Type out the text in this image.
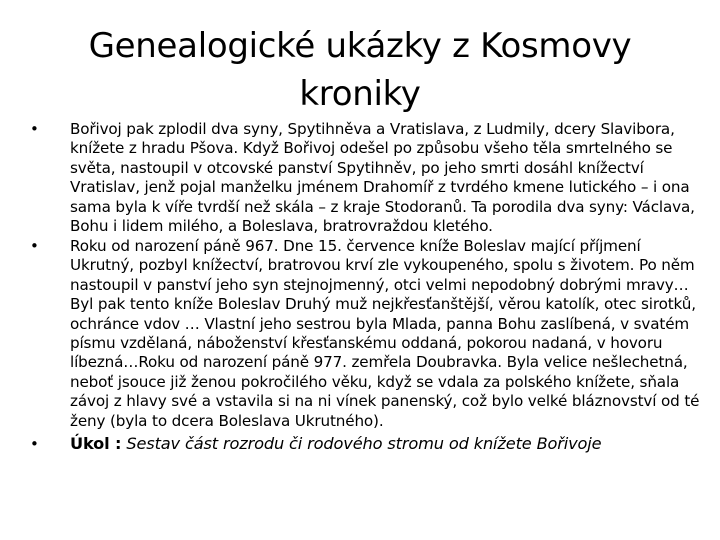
Genealogické ukázky z Kosmovy kroniky
• Bořivoj pak zplodil dva syny, Spytihněva a Vratislava, z Ludmily, dcery Slavibora, knížete z hradu Pšova. Když Bořivoj odešel po způsobu všeho těla smrtelného se světa, nastoupil v otcovské panství Spytihněv, po jeho smrti dosáhl knížectví Vratislav, jenž pojal manželku jménem Drahomíř z tvrdého kmene lutického – i ona sama byla k víře tvrdší než skála – z kraje Stodoranů. Ta porodila dva syny: Václava, Bohu i lidem milého, a Boleslava, bratrovraždou kletého.
• Roku od narození páně 967. Dne 15. července kníže Boleslav mající příjmení Ukrutný, pozbyl knížectví, bratrovou krví zle vykoupeného, spolu s životem. Po něm nastoupil v panství jeho syn stejnojmenný, otci velmi nepodobný dobrými mravy… Byl pak tento kníže Boleslav Druhý muž nejkřesťanštější, věrou katolík, otec sirotků, ochránce vdov … Vlastní jeho sestrou byla Mlada, panna Bohu zaslíbená, v svatém písmu vzdělaná, náboženství křesťanskému oddaná, pokorou nadaná, v hovoru líbezná…Roku od narození páně 977. zemřela Doubravka. Byla velice nešlechetná, neboť jsouce již ženou pokročilého věku, když se vdala za polského knížete, sňala závoj z hlavy své a vstavila si na ni vínek panenský, což bylo velké bláznovství od té ženy (byla to dcera Boleslava Ukrutného).
• Úkol : Sestav část rozrodu či rodového stromu od knížete Bořivoje
